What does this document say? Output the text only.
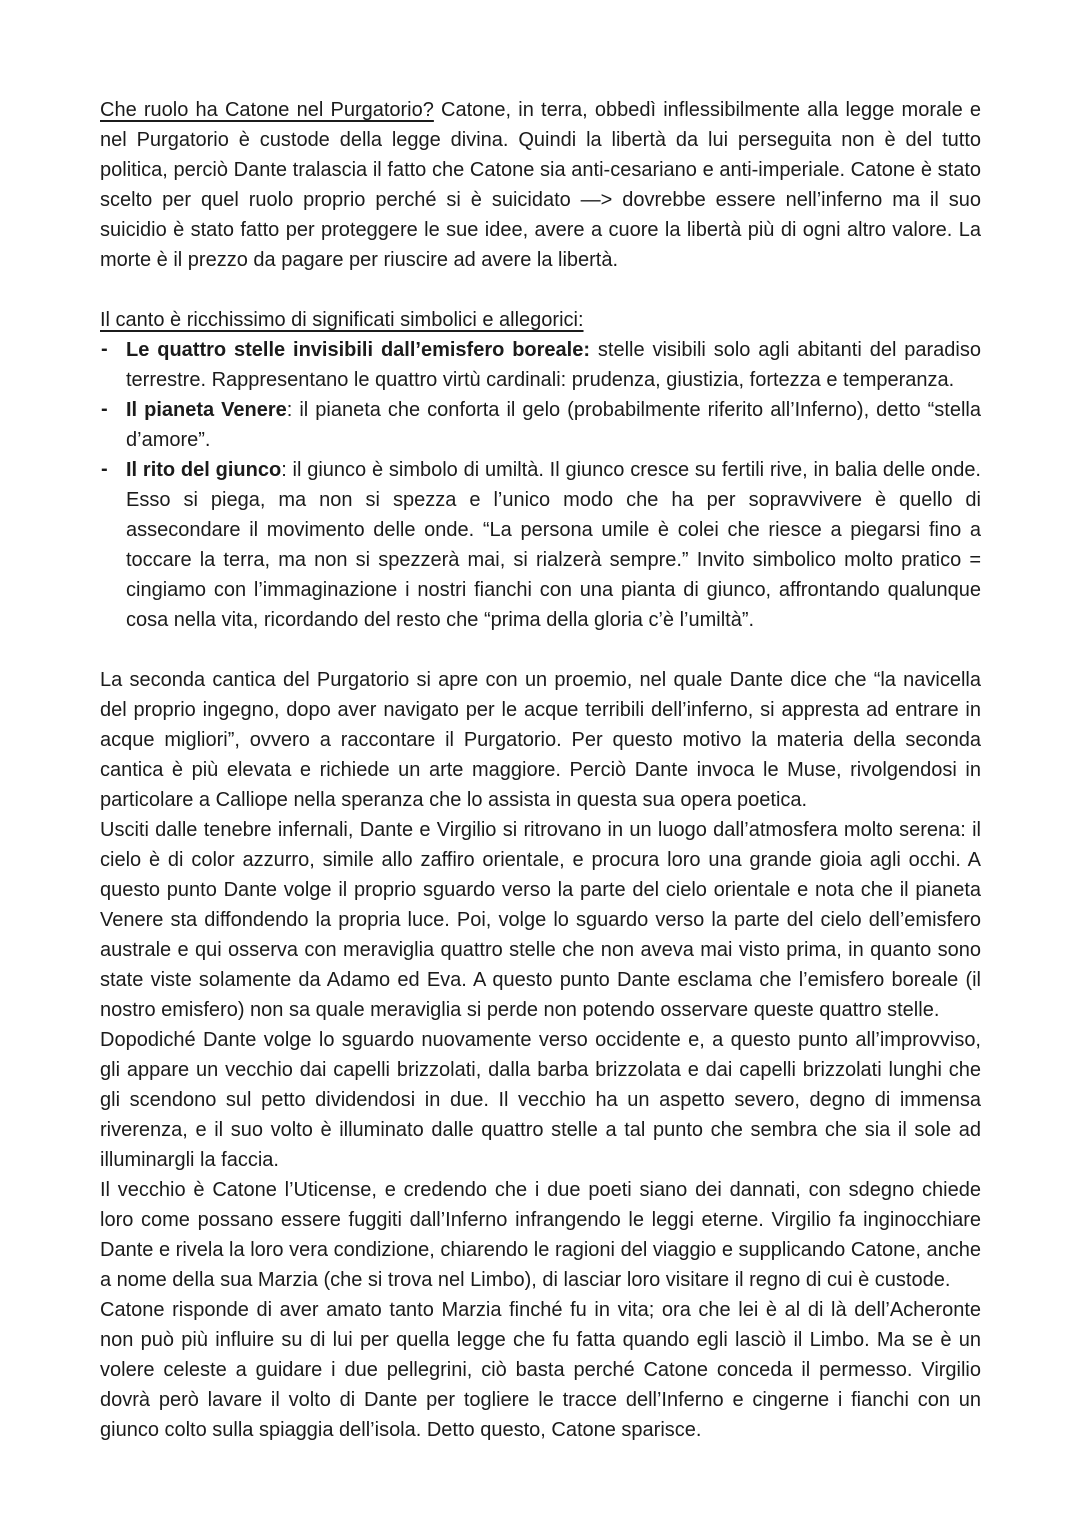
Che ruolo ha Catone nel Purgatorio? Catone, in terra, obbedì inflessibilmente alla legge morale e nel Purgatorio è custode della legge divina. Quindi la libertà da lui perseguita non è del tutto politica, perciò Dante tralascia il fatto che Catone sia anti-cesariano e anti-imperiale. Catone è stato scelto per quel ruolo proprio perché si è suicidato —> dovrebbe essere nell’inferno ma il suo suicidio è stato fatto per proteggere le sue idee, avere a cuore la libertà più di ogni altro valore. La morte è il prezzo da pagare per riuscire ad avere la libertà.

Il canto è ricchissimo di significati simbolici e allegorici:

- Le quattro stelle invisibili dall’emisfero boreale: stelle visibili solo agli abitanti del paradiso terrestre. Rappresentano le quattro virtù cardinali: prudenza, giustizia, fortezza e temperanza.
- Il pianeta Venere: il pianeta che conforta il gelo (probabilmente riferito all’Inferno), detto “stella d’amore”.
- Il rito del giunco: il giunco è simbolo di umiltà. Il giunco cresce su fertili rive, in balia delle onde. Esso si piega, ma non si spezza e l’unico modo che ha per sopravvivere è quello di assecondare il movimento delle onde. “La persona umile è colei che riesce a piegarsi fino a toccare la terra, ma non si spezzerà mai, si rialzerà sempre.” Invito simbolico molto pratico = cingiamo con l’immaginazione i nostri fianchi con una pianta di giunco, affrontando qualunque cosa nella vita, ricordando del resto che “prima della gloria c’è l’umiltà”.

La seconda cantica del Purgatorio si apre con un proemio, nel quale Dante dice che “la navicella del proprio ingegno, dopo aver navigato per le acque terribili dell’inferno, si appresta ad entrare in acque migliori”, ovvero a raccontare il Purgatorio. Per questo motivo la materia della seconda cantica è più elevata e richiede un arte maggiore. Perciò Dante invoca le Muse, rivolgendosi in particolare a Calliope nella speranza che lo assista in questa sua opera poetica.

Usciti dalle tenebre infernali, Dante e Virgilio si ritrovano in un luogo dall’atmosfera molto serena: il cielo è di color azzurro, simile allo zaffiro orientale, e procura loro una grande gioia agli occhi. A questo punto Dante volge il proprio sguardo verso la parte del cielo orientale e nota che il pianeta Venere sta diffondendo la propria luce. Poi, volge lo sguardo verso la parte del cielo dell’emisfero australe e qui osserva con meraviglia quattro stelle che non aveva mai visto prima, in quanto sono state viste solamente da Adamo ed Eva. A questo punto Dante esclama che l’emisfero boreale (il nostro emisfero) non sa quale meraviglia si perde non potendo osservare queste quattro stelle.

Dopodiché Dante volge lo sguardo nuovamente verso occidente e, a questo punto all’improvviso, gli appare un vecchio dai capelli brizzolati, dalla barba brizzolata e dai capelli brizzolati lunghi che gli scendono sul petto dividendosi in due. Il vecchio ha un aspetto severo, degno di immensa riverenza, e il suo volto è illuminato dalle quattro stelle a tal punto che sembra che sia il sole ad illuminargli la faccia.

Il vecchio è Catone l’Uticense, e credendo che i due poeti siano dei dannati, con sdegno chiede loro come possano essere fuggiti dall’Inferno infrangendo le leggi eterne. Virgilio fa inginocchiare Dante e rivela la loro vera condizione, chiarendo le ragioni del viaggio e supplicando Catone, anche a nome della sua Marzia (che si trova nel Limbo), di lasciar loro visitare il regno di cui è custode.

Catone risponde di aver amato tanto Marzia finché fu in vita; ora che lei è al di là dell’Acheronte non può più influire su di lui per quella legge che fu fatta quando egli lasciò il Limbo. Ma se è un volere celeste a guidare i due pellegrini, ciò basta perché Catone conceda il permesso. Virgilio dovrà però lavare il volto di Dante per togliere le tracce dell’Inferno e cingerne i fianchi con un giunco colto sulla spiaggia dell’isola. Detto questo, Catone sparisce.
